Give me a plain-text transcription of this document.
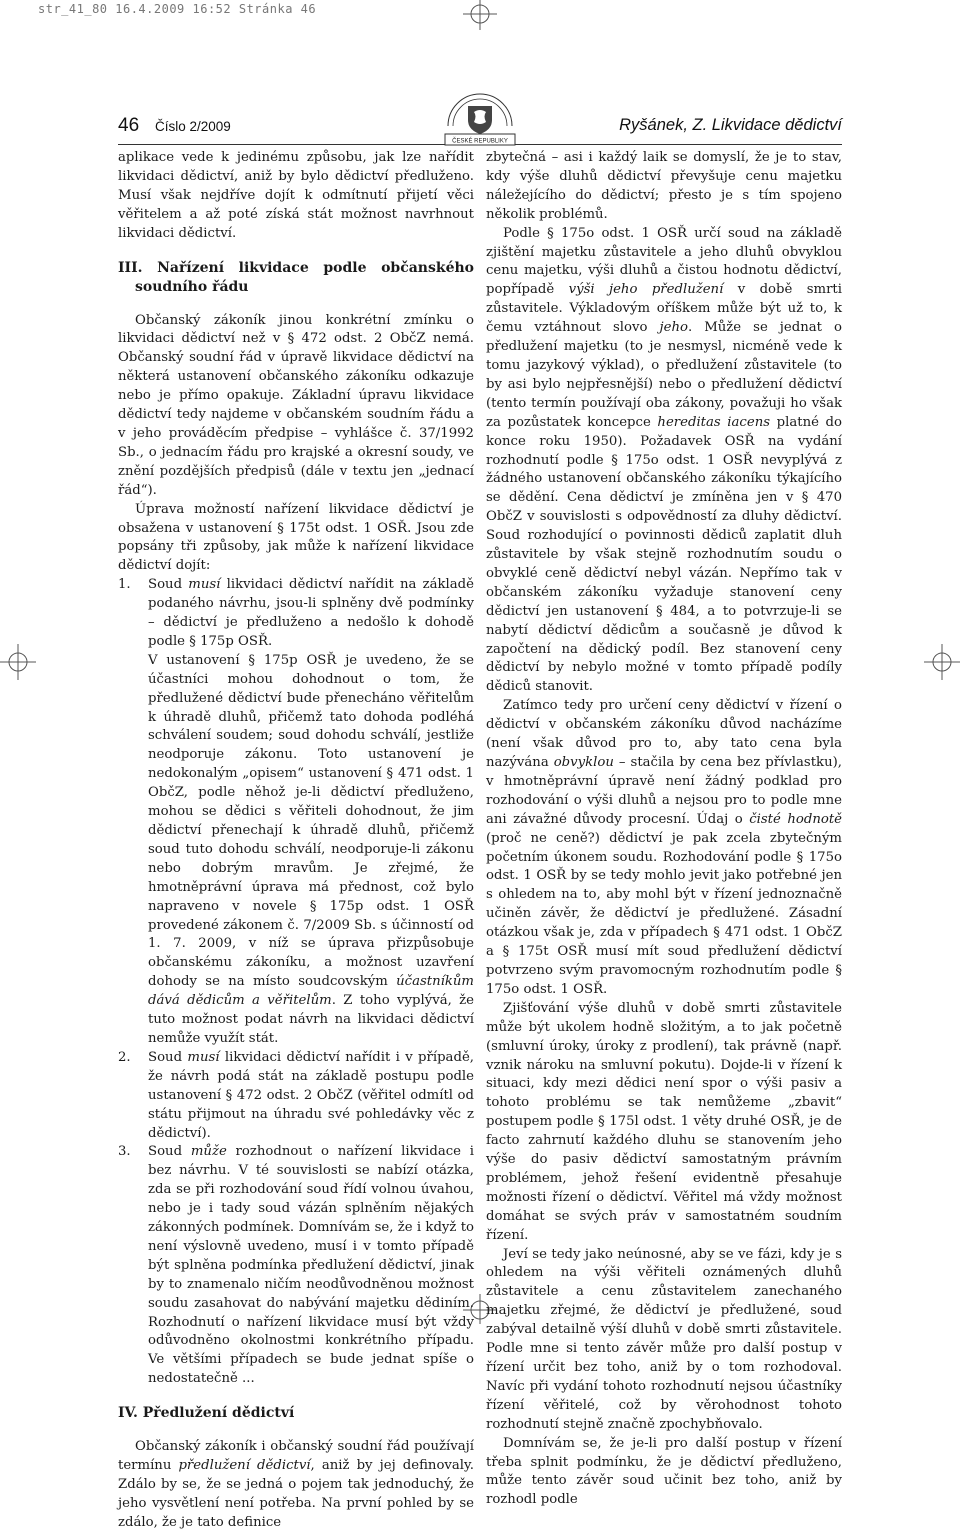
str_41_80 16.4.2009 16:52 Stránka 46
46 Číslo 2/2009	Ryšánek, Z. Likvidace dědictví
ČESKÉ REPUBLIKY

aplikace vede k jedinému způsobu, jak lze nařídit likvidaci dědictví, aniž by bylo dědictví předluženo. Musí však nejdříve dojít k odmítnutí přijetí věci věřitelem a až poté získá stát možnost navrhnout likvidaci dědictví.

III. Nařízení likvidace podle občanského soudního řádu

Občanský zákoník jinou konkrétní zmínku o likvidaci dědictví než v § 472 odst. 2 ObčZ nemá. Občanský soudní řád v úpravě likvidace dědictví na některá ustanovení občanského zákoníku odkazuje nebo je přímo opakuje. Základní úpravu likvidace dědictví tedy najdeme v občanském soudním řádu a v jeho prováděcím předpise – vyhlášce č. 37/1992 Sb., o jednacím řádu pro krajské a okresní soudy, ve znění pozdějších předpisů (dále v textu jen „jednací řád“).

Úprava možností nařízení likvidace dědictví je obsažena v ustanovení § 175t odst. 1 OSŘ. Jsou zde popsány tři způsoby, jak může k nařízení likvidace dědictví dojít:

1. Soud musí likvidaci dědictví nařídit na základě podaného návrhu, jsou-li splněny dvě podmínky – dědictví je předluženo a nedošlo k dohodě podle § 175p OSŘ.

V ustanovení § 175p OSŘ je uvedeno, že se účastníci mohou dohodnout o tom, že předlužené dědictví bude přenecháno věřitelům k úhradě dluhů, přičemž tato dohoda podléhá schválení soudem; soud dohodu schválí, jestliže neodporuje zákonu. Toto ustanovení je nedokonalým „opisem“ ustanovení § 471 odst. 1 ObčZ, podle něhož je-li dědictví předluženo, mohou se dědici s věřiteli dohodnout, že jim dědictví přenechají k úhradě dluhů, přičemž soud tuto dohodu schválí, neodporuje-li zákonu nebo dobrým mravům. Je zřejmé, že hmotněprávní úprava má přednost, což bylo napraveno v novele § 175p odst. 1 OSŘ provedené zákonem č. 7/2009 Sb. s účinností od 1. 7. 2009, v níž se úprava přizpůsobuje občanskému zákoníku, a možnost uzavření dohody se na místo soudcovským účastníkům dává dědicům a věřitelům. Z toho vyplývá, že tuto možnost podat návrh na likvidaci dědictví nemůže využít stát.

2. Soud musí likvidaci dědictví nařídit i v případě, že návrh podá stát na základě postupu podle ustanovení § 472 odst. 2 ObčZ (věřitel odmítl od státu přijmout na úhradu své pohledávky věc z dědictví).

3. Soud může rozhodnout o nařízení likvidace i bez návrhu. V té souvislosti se nabízí otázka, zda se při rozhodování soud řídí volnou úvahou, nebo je i tady soud vázán splněním nějakých zákonných podmínek. Domnívám se, že i když to není výslovně uvedeno, musí i v tomto případě být splněna podmínka předlužení dědictví, jinak by to znamenalo ničím neodůvodněnou možnost soudu zasahovat do nabývání majetku dědiním. Rozhodnutí o nařízení likvidace musí být vždy odůvodněno okolnostmi konkrétního případu. Ve většími případech se bude jednat spíše o nedostatečně ...

IV. Předlužení dědictví

Občanský zákoník i občanský soudní řád používají termínu předlužení dědictví, aniž by jej definovaly. Zdálo by se, že se jedná o pojem tak jednoduchý, že jeho vysvětlení není potřeba. Na první pohled by se zdálo, že je tato definice

zbytečná – asi i každý laik se domyslí, že je to stav, kdy výše dluhů dědictví převyšuje cenu majetku náležejícího do dědictví; přesto je s tím spojeno několik problémů.

Podle § 175o odst. 1 OSŘ určí soud na základě zjištění majetku zůstavitele a jeho dluhů obvyklou cenu majetku, výši dluhů a čistou hodnotu dědictví, popřípadě výši jeho předlužení v době smrti zůstavitele. Výkladovým oříškem může být už to, k čemu vztáhnout slovo jeho. Může se jednat o předlužení majetku (to je nesmysl, nicméně vede k tomu jazykový výklad), o předlužení zůstavitele (to by asi bylo nejpřesnější) nebo o předlužení dědictví (tento termín používají oba zákony, považuji ho však za pozůstatek koncepce hereditas iacens platné do konce roku 1950). Požadavek OSŘ na vydání rozhodnutí podle § 175o odst. 1 OSŘ nevyplývá z žádného ustanovení občanského zákoníku týkajícího se dědění. Cena dědictví je zmíněna jen v § 470 ObčZ v souvislosti s odpovědností za dluhy dědictví. Soud rozhodující o povinnosti dědiců zaplatit dluh zůstavitele by však stejně rozhodnutím soudu o obvyklé ceně dědictví nebyl vázán. Nepřímo tak v občanském zákoníku vyžaduje stanovení ceny dědictví jen ustanovení § 484, a to potvrzuje-li se nabytí dědictví dědicům a současně je důvod k započtení na dědický podíl. Bez stanovení ceny dědictví by nebylo možné v tomto případě podíly dědiců stanovit.

Zatímco tedy pro určení ceny dědictví v řízení o dědictví v občanském zákoníku důvod nacházíme (není však důvod pro to, aby tato cena byla nazývána obvyklou – stačila by cena bez přívlastku), v hmotněprávní úpravě není žádný podklad pro rozhodování o výši dluhů a nejsou pro to podle mne ani závažné důvody procesní. Údaj o čisté hodnotě (proč ne ceně?) dědictví je pak zcela zbytečným početním úkonem soudu. Rozhodování podle § 175o odst. 1 OSŘ by se tedy mohlo jevit jako potřebné jen s ohledem na to, aby mohl být v řízení jednoznačně učiněn závěr, že dědictví je předlužené. Zásadní otázkou však je, zda v případech § 471 odst. 1 ObčZ a § 175t OSŘ musí mít soud předlužení dědictví potvrzeno svým pravomocným rozhodnutím podle § 175o odst. 1 OSŘ.

Zjišťování výše dluhů v době smrti zůstavitele může být ukolem hodně složitým, a to jak početně (smluvní úroky, úroky z prodlení), tak právně (např. vznik nároku na smluvní pokutu). Dojde-li v řízení k situaci, kdy mezi dědici není spor o výši pasiv a tohoto problému se tak nemůžeme „zbavit“ postupem podle § 175l odst. 1 věty druhé OSŘ, je de facto zahrnutí každého dluhu se stanovením jeho výše do pasiv dědictví samostatným právním problémem, jehož řešení evidentně přesahuje možnosti řízení o dědictví. Věřitel má vždy možnost domáhat se svých práv v samostatném soudním řízení.

Jeví se tedy jako neúnosné, aby se ve fázi, kdy je s ohledem na výši věřiteli oznámených dluhů zůstavitele a cenu zůstavitelem zanechaného majetku zřejmé, že dědictví je předlužené, soud zabýval detailně výší dluhů v době smrti zůstavitele. Podle mne si tento závěr může pro další postup v řízení určit bez toho, aniž by o tom rozhodoval. Navíc při vydání tohoto rozhodnutí nejsou účastníky řízení věřitelé, což by věrohodnost tohoto rozhodnutí stejně značně zpochybňovalo.

Domnívám se, že je-li pro další postup v řízení třeba splnit podmínku, že je dědictví předluženo, může tento závěr soud učinit bez toho, aniž by rozhodl podle
